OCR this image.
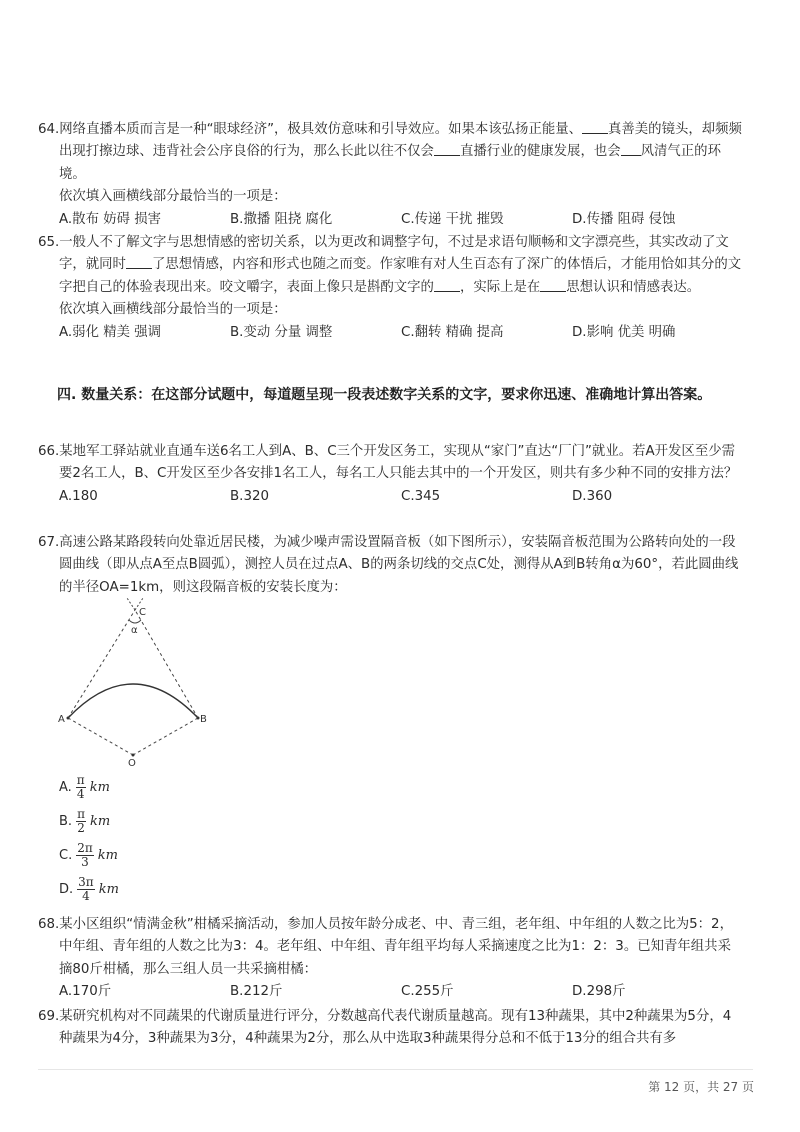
64.网络直播本质而言是一种“眼球经济”，极具效仿意味和引导效应。如果本该弘扬正能量、 真善美的镜头，却频频出现打擦边球、违背社会公序良俗的行为，那么长此以往不仅会 直播行业的健康发展，也会 风清气正的环境。

依次填入画横线部分最恰当的一项是：

A.散布 妨碍 损害	B.撒播 阻挠 腐化	C.传递 干扰 摧毁	D.传播 阻碍 侵蚀

65.一般人不了解文字与思想情感的密切关系，以为更改和调整字句，不过是求语句顺畅和文字漂亮些，其实改动了文字，就同时 了思想情感，内容和形式也随之而变。作家唯有对人生百态有了深广的体悟后，才能用恰如其分的文字把自己的体验表现出来。咬文嚼字，表面上像只是斟酌文字的 ，实际上是在 思想认识和情感表达。

依次填入画横线部分最恰当的一项是：

A.弱化 精美 强调	B.变动 分量 调整	C.翻转 精确 提高	D.影响 优美 明确
四. 数量关系：在这部分试题中，每道题呈现一段表述数字关系的文字，要求你迅速、准确地计算出答案。

66.某地军工驿站就业直通车送6名工人到A、B、C三个开发区务工，实现从“家门”直达“厂门”就业。若A开发区至少需要2名工人，B、C开发区至少各安排1名工人，每名工人只能去其中的一个开发区，则共有多少种不同的安排方法？

A.180	B.320	C.345	D.360

67.高速公路某路段转向处靠近居民楼，为减少噪声需设置隔音板（如下图所示），安装隔音板范围为公路转向处的一段圆曲线（即从点A至点B圆弧），测控人员在过点A、B的两条切线的交点C处，测得从A到B转角α为60°，若此圆曲线的半径OA=1km，则这段隔音板的安装长度为：

A	B
C
O
α
A. $\frac{\pi}{4}$ km
B. $\frac{\pi}{2}$ km
C. $\frac{2\pi}{3}$ km
D. $\frac{3\pi}{4}$ km

68.某小区组织“情满金秋”柑橘采摘活动，参加人员按年龄分成老、中、青三组，老年组、中年组的人数之比为5：2，中年组、青年组的人数之比为3：4。老年组、中年组、青年组平均每人采摘速度之比为1：2：3。已知青年组共采摘80斤柑橘，那么三组人员一共采摘柑橘：

A.170斤	B.212斤	C.255斤	D.298斤

69.某研究机构对不同蔬果的代谢质量进行评分，分数越高代表代谢质量越高。现有13种蔬果，其中2种蔬果为5分，4种蔬果为4分，3种蔬果为3分，4种蔬果为2分，那么从中选取3种蔬果得分总和不低于13分的组合共有多

第 12 页，共 27 页
